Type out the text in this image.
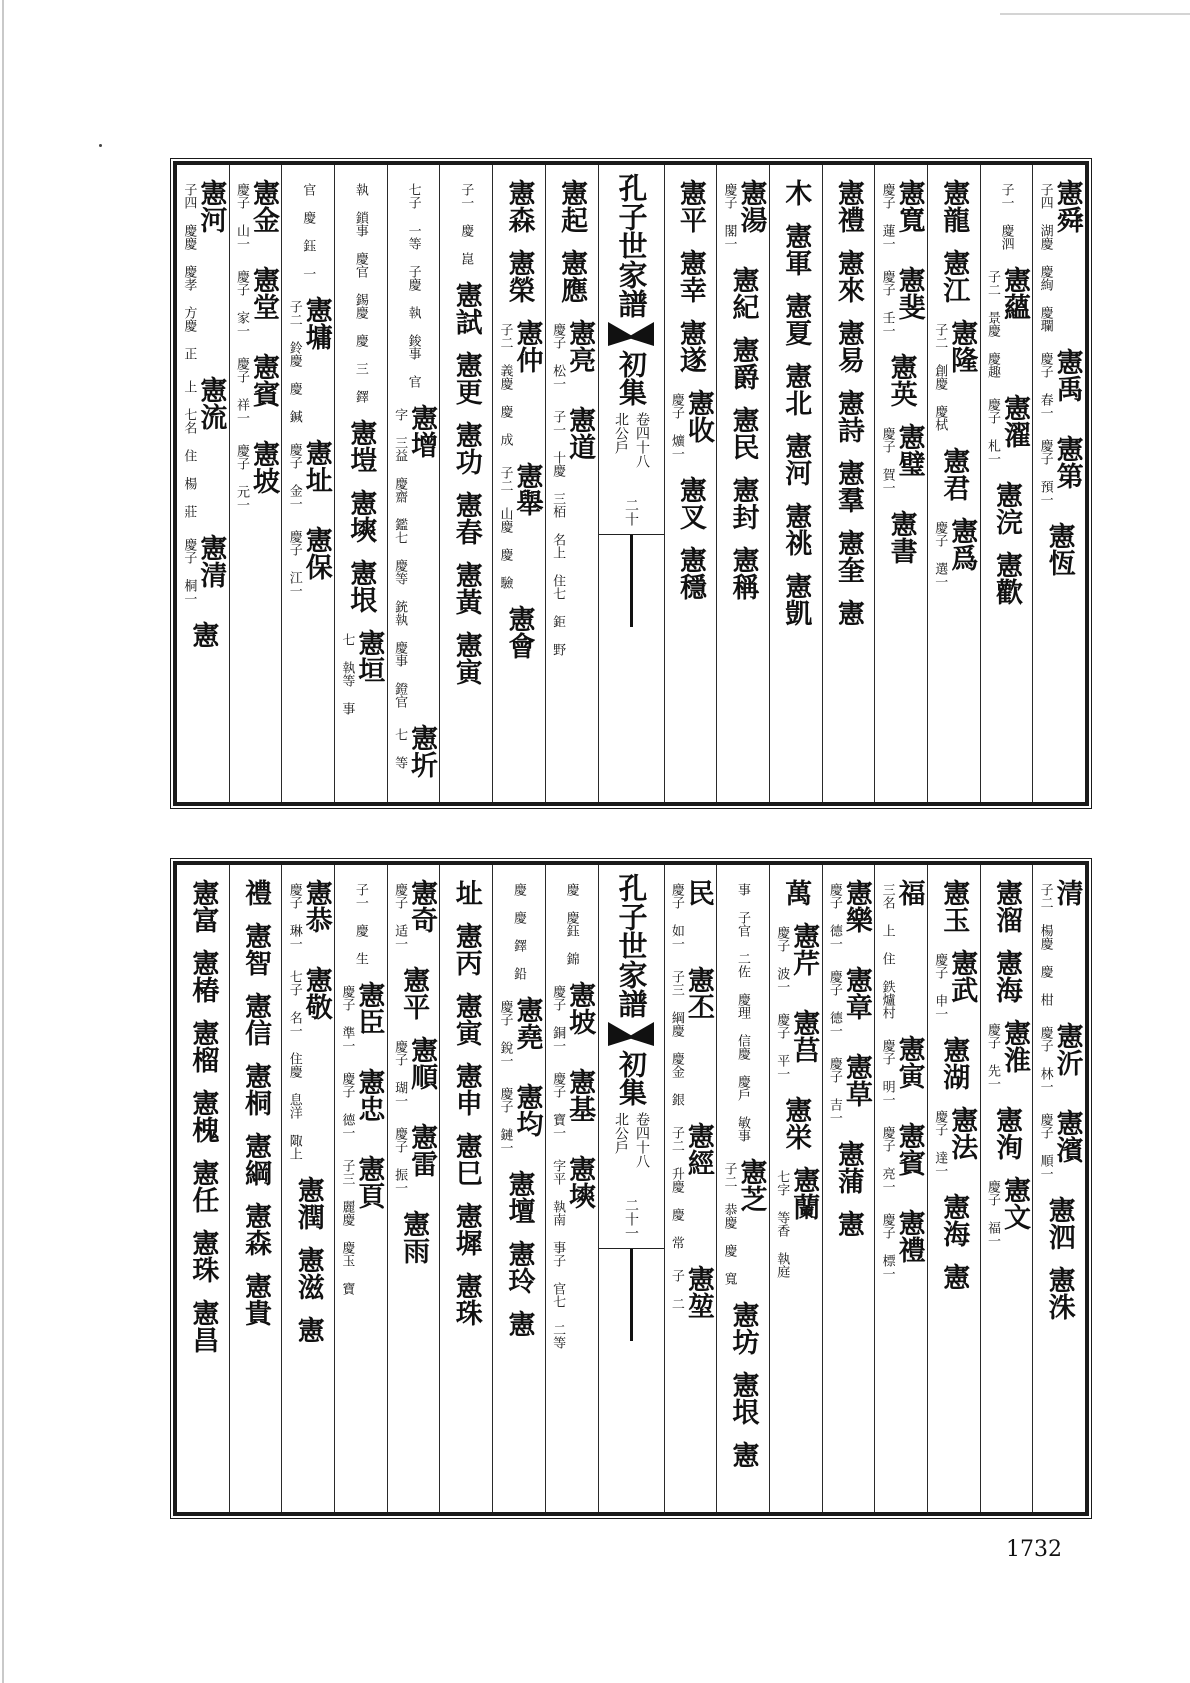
憲舜
子四 湖慶 慶絢 慶瓓
憲禹
慶子 春一
憲第
慶子 預一
憲恆
子一 慶泗
憲蘊
子二 景慶 慶趣
憲濯
慶子 札一
憲浣
憲歡
憲龍
憲江
憲隆
子二 創慶 慶栻
憲君
憲爲
慶子 選一
憲寬
慶子 蓮一
憲斐
慶子 壬一
憲英
憲璧
慶子 賀一
憲書
憲禮
憲來
憲易
憲詩
憲羣
憲奎
憲
木
憲軍
憲夏
憲北
憲河
憲祧
憲凱
憲湯
慶子 閣一
憲紀
憲爵
憲民
憲封
憲稱
憲平
憲幸
憲遂
憲收
慶子 爌一
憲叉
憲穩
孔子世家譜
初集
卷四十八
北公戶
二十
憲起
憲應
憲亮
慶子 松一
憲道
子一 十慶 三栢 名上 住七 鉅 野
憲森
憲榮
憲仲
子二 義慶 慶 成
憲舉
子二 山慶 慶 驗
憲會
子一 慶 崑
憲試
憲更
憲功
憲春
憲黃
憲寅
七子 一等 子慶 執 鋑事 官
憲增
字 三益 慶齋 鑑七 慶等 銃執 慶事 鐙官
憲圻
七 等
執 鎖事 慶官 錫慶 慶 三 鐸
憲塏
憲塽
憲垠
憲垣
七 執等 事
官 慶 鈺 一
憲墉
子二 鈴慶 慶 鍼
憲址
慶子 金一
憲保
慶子 江一
憲金
慶子 山一
憲堂
慶子 家一
憲賓
慶子 祥一
憲坡
慶子 元一
憲河
子四 慶慶 慶孝 方慶 正
憲流
上 七名 住 楊 莊
憲清
慶子 桐一
憲
清
子二 楊慶 慶 柑
憲沂
慶子 林一
憲濱
慶子 順一
憲泗
憲洙
憲溜
憲海
憲淮
慶子 先一
憲洵
憲文
慶子 福一
憲玉
憲武
慶子 申一
憲湖
憲法
慶子 達一
憲海
憲
福
三名 上 住 鉄爐村
憲寅
慶子 明一
憲賓
慶子 亮一
憲禮
慶子 標一
憲樂
慶子 德一
憲章
慶子 德一
憲草
慶子 吉一
憲蒲
憲
萬
憲芹
慶子 波一
憲莒
慶子 平一
憲栄
憲蘭
七字 等香 執庭
事 子官 二佐 慶理 信慶 慶戶 敏事
憲芝
子二 恭慶 慶 寬
憲坊
憲垠
憲
民
慶子 如一
憲丕
子三 綱慶 慶金 銀
憲經
子二 升慶 慶 常
憲堃
子 二
孔子世家譜
初集
卷四十八
北公戶
二十一
慶 慶鈺 錦
憲坡
慶子 銅一
憲基
慶子 寶一
憲塽
字平 執南 事子 官七 二等
慶 慶 鐸 鉛
憲堯
慶子 銳一
憲均
慶子 鏈一
憲壇
憲玲
憲
址
憲丙
憲寅
憲申
憲巳
憲墀
憲珠
憲奇
慶子 适一
憲平
憲順
慶子 瑚一
憲雷
慶子 振一
憲雨
子一 慶 生
憲臣
慶子 準一
憲忠
慶子 德一
憲頁
子三 麗慶 慶玉 寶
憲恭
慶子 琳一
憲敬
七子 名一 住慶 息洋 陬上
憲潤
憲滋
憲
禮
憲智
憲信
憲桐
憲綱
憲森
憲貴
憲富
憲椿
憲榴
憲槐
憲任
憲珠
憲昌
1732
